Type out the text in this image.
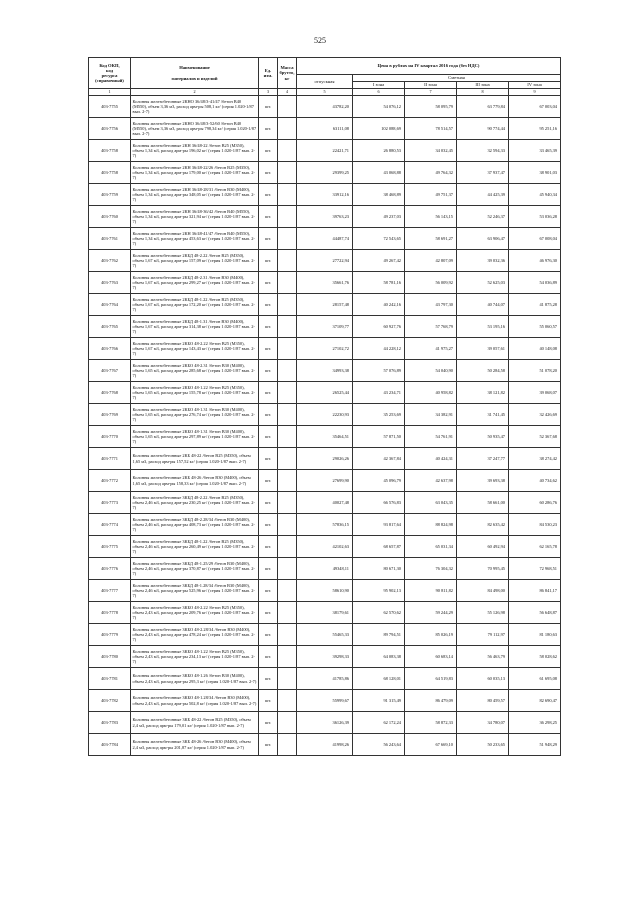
525
Код ОКП,
код
ресурса
(справочный)	Наименование

материалов и изделий	Ед.
изм.	Масса
брутто,
кг	Цена в рублях на IV квартал 2016 года (без НДС)				
				отпускная	Сметная			
					I зона	II зона	III зона	IV зона
1	2	3	4	5	6	7	8	9
403-7755	Колонны железобетонные 2КНО 36/48/3-41/47 /бетон В40 (М550), объем 3,36 м3, расход арм-ры 508,1 кг/ (серия 1.020-1/87 вып. 2-7)	шт.		43782,20	54 076,12	58 095,79	63 779,84	67 003,04
403-7756	Колонны железобетонные 2КНО 36/48/3-52/60 /бетон В40 (М550), объем 3,36 м3, расход арм-ры 798,34 кг/ (серия 1.020-1/87 вып. 2-7)	шт.		63111,08	102 088,69	78 514,57	90 774,44	95 251,16
403-7758	Колонны железобетонные 2КН 36/48-22 /бетон В25 (М350), объем 1,34 м3, расход арм-ры 196,02 кг/ (серия 1.020-1/87 вып. 2-7)	шт.		22421,71	26 880,53	34 032,45	32 594,33	33 465,39
403-7758	Колонны железобетонные 2КН 36/48-22/26 /бетон В25 (М350), объем 1,34 м3, расход арм-ры 179,00 кг/ (серия 1.020-1/87 вып. 2-7)	шт.		29399,25	43 068,88	49 764,32	37 937,47	38 901,03
403-7759	Колонны железобетонные 2КН 36/48-28/31 /бетон В30 (М400), объем 1,34 м3, расход арм-ры 348,05 кг/ (серия 1.020-1/87 вып. 2-7)	шт.		33912,16	38 468,89	49 751,37	44 425,39	45 940,34
403-7760	Колонны железобетонные 2КН 36/48-36/42 /бетон В40 (М550), объем 1,34 м3, расход арм-ры 321,94 кг/ (серия 1.020-1/87 вып. 2-7)	шт.		39763,23	49 237,03	56 143,15	52 246,37	53 036,28
403-7761	Колонны железобетонные 2КН 36/48-41/47 /бетон В40 (М550), объем 1,34 м3, расход арм-ры 453,63 кг/ (серия 1.020-1/87 вып. 2-7)	шт.		44487,74	72 543,65	58 691,27	63 906,47	67 008,04
403-7762	Колонны железобетонные 2КБД 48-2.22 /бетон В25 (М350), объем 1,67 м3, расход арм-ры 157,09 кг/ (серия 1.020-1/87 вып. 2-7)	шт.		27722,94	49 267,42	42 807,09	39 032,36	46 976,30
403-7763	Колонны железобетонные 2КБД 48-2.31 /бетон В30 (М400), объем 1,67 м3, расход арм-ры 299,27 кг/ (серия 1.020-1/87 вып. 2-7)	шт.		35661,76	58 781,16	56 009,92	52 625,03	54 036,89
403-7764	Колонны железобетонные 2КБД 48-1.22 /бетон В25 (М350), объем 1,67 м3, расход арм-ры 172,20 кг/ (серия 1.020-1/87 вып. 2-7)	шт.		28157,48	40 242,16	43 797,30	40 744,07	41 875,28
403-7765	Колонны железобетонные 2КБД 48-1.31 /бетон В30 (М400), объем 1,67 м3, расход арм-ры 314,38 кг/ (серия 1.020-1/87 вып. 2-7)	шт.		37109,77	60 927,76	57 768,79	53 195,16	55 060,57
403-7766	Колонны железобетонные 2КБО 48-2.22 /бетон В25 (М350), объем 1,67 м3, расход арм-ры 143,43 кг/ (серия 1.020-1/87 вып. 2-7)	шт.		27102,72	44 228,12	41 975,27	39 057,61	40 148,08
403-7767	Колонны железобетонные 2КБО 48-2.31 /бетон В30 (М400), объем 1,65 м3, расход арм-ры 285,68 кг/ (серия 1.020-1/87 вып. 2-7)	шт.		34993,38	57 076,89	54 040,90	50 284,58	51 078,20
403-7768	Колонны железобетонные 2КБО 48-1.22 /бетон В25 (М350), объем 1,65 м3, расход арм-ры 155,78 кг/ (серия 1.020-1/87 вып. 2-7)	шт.		26525,44	43 234,71	40 958,82	38 121,82	39 068,07
403-7769	Колонны железобетонные 2КБО 48-1.31 /бетон В30 (М400), объем 1,65 м3, расход арм-ры 276,74 кг/ (серия 1.020-1/87 вып. 2-7)	шт.		22230,93	35 253,69	34 382,91	31 741,45	32 426,69
403-7770	Колонны железобетонные 2КБО 48-1.31 /бетон В30 (М400), объем 1,65 м3, расход арм-ры 297,89 кг/ (серия 1.020-1/87 вып. 2-7)	шт.		35464,51	57 871,50	54 761,91	50 935,47	52 367,68
403-7771	Колонны железобетонные 2КБ 48-22 /бетон В25 (М350), объем 1,65 м3, расход арм-ры 157,52 кг/ (серия 1.020-1/87 вып. 2-7)	шт.		29026,26	42 367,84	40 424,31	37 247,77	38 274,42
403-7772	Колонны железобетонные 2КБ 48-26 /бетон В30 (М400), объем 1,65 м3, расход арм-ры 158,33 кг/ (серия 1.020-1/87 вып. 2-7)	шт.		27699,90	45 096,79	42 637,98	39 693,38	40 734,62
403-7773	Колонны железобетонные 3КБД 48-2.22 /бетон В25 (М350), объем 2,46 м3, расход арм-ры 230,25 кг/ (серия 1.020-1/87 вып. 2-7)	шт.		40027,48	66 576,83	63 043,35	58 661,00	60 286,76
403-7774	Колонны железобетонные 3КБД 48-2.28/34 /бетон В30 (М400), объем 2,46 м3, расход арм-ры 408,73 кг/ (серия 1.020-1/87 вып. 2-7)	шт.		57836,15	93 817,64	88 824,98	82 635,42	84 530,23
403-7775	Колонны железобетонные 3КБД 48-1.22 /бетон В25 (М350), объем 2,46 м3, расход арм-ры 260,49 кг/ (серия 1.020-1/87 вып. 2-7)	шт.		42102,63	68 657,87	65 031,34	60 492,94	62 165,78
403-7776	Колонны железобетонные 3КБД 48-1.25/29 /бетон В30 (М400), объем 2,46 м3, расход арм-ры 370,87 кг/ (серия 1.020-1/87 вып. 2-7)	шт.		49348,11	80 671,30	76 304,32	70 995,45	72 968,51
403-7777	Колонны железобетонные 3КБД 48-1.28/34 /бетон В30 (М400), объем 2,46 м3, расход арм-ры 525,96 кг/ (серия 1.020-1/87 вып. 2-7)	шт.		58610,90	95 902,13	90 811,82	84 498,00	86 841,17
403-7778	Колонны железобетонные 3КБО 48-2.22 /бетон В25 (М350), объем 2,43 м3, расход арм-ры 209,76 кг/ (серия 1.020-1/87 вып. 2-7)	шт.		38179,61	62 570,62	59 244,29	55 126,98	56 648,87
403-7779	Колонны железобетонные 3КБО 48-2.28/34 /бетон В30 (М400), объем 2,43 м3, расход арм-ры 478,24 кг/ (серия 1.020-1/87 вып. 2-7)	шт.		55465,33	89 794,51	85 026,19	79 112,97	81 180,63
403-7780	Колонны железобетонные 3КБО 48-1.22 /бетон В25 (М350), объем 2,43 м3, расход арм-ры 234,13 кг/ (серия 1.020-1/87 вып. 2-7)	шт.		39298,33	64 083,38	60 683,14	56 463,79	58 028,62
403-7781	Колонны железобетонные 3КБО 48-1.26 /бетон В30 (М400), объем 2,43 м3, расход арм-ры 295,3 кг/ (серия 1.020-1/87 вып. 2-7)	шт.		41785,86	68 128,01	64 519,83	60 035,13	61 695,08
403-7782	Колонны железобетонные 3КБО 48-1.28/34 /бетон В30 (М400), объем 2,43 м3, расход арм-ры 502,8 кг/ (серия 1.020-1/87 вып. 2-7)	шт.		55999,67	91 315,49	86 479,09	80 459,57	82 690,47
403-7783	Колонны железобетонные 3КБ 48-22 /бетон В25 (М350), объем 2,4 м3, расход арм-ры 179,01 кг/ (серия 1.020-1/87 вып. 2-7)	шт.		36126,39	62 172,24	58 872,33	34 780,07	36 298,25
403-7784	Колонны железобетонные 3КБ 48-26 /бетон В30 (М400), объем 2,4 м3, расход арм-ры 201,87 кг/ (серия 1.020-1/87 вып. 2-7)	шт.		41998,26	56 243,64	67 669,10	50 233,65	51 948,29
